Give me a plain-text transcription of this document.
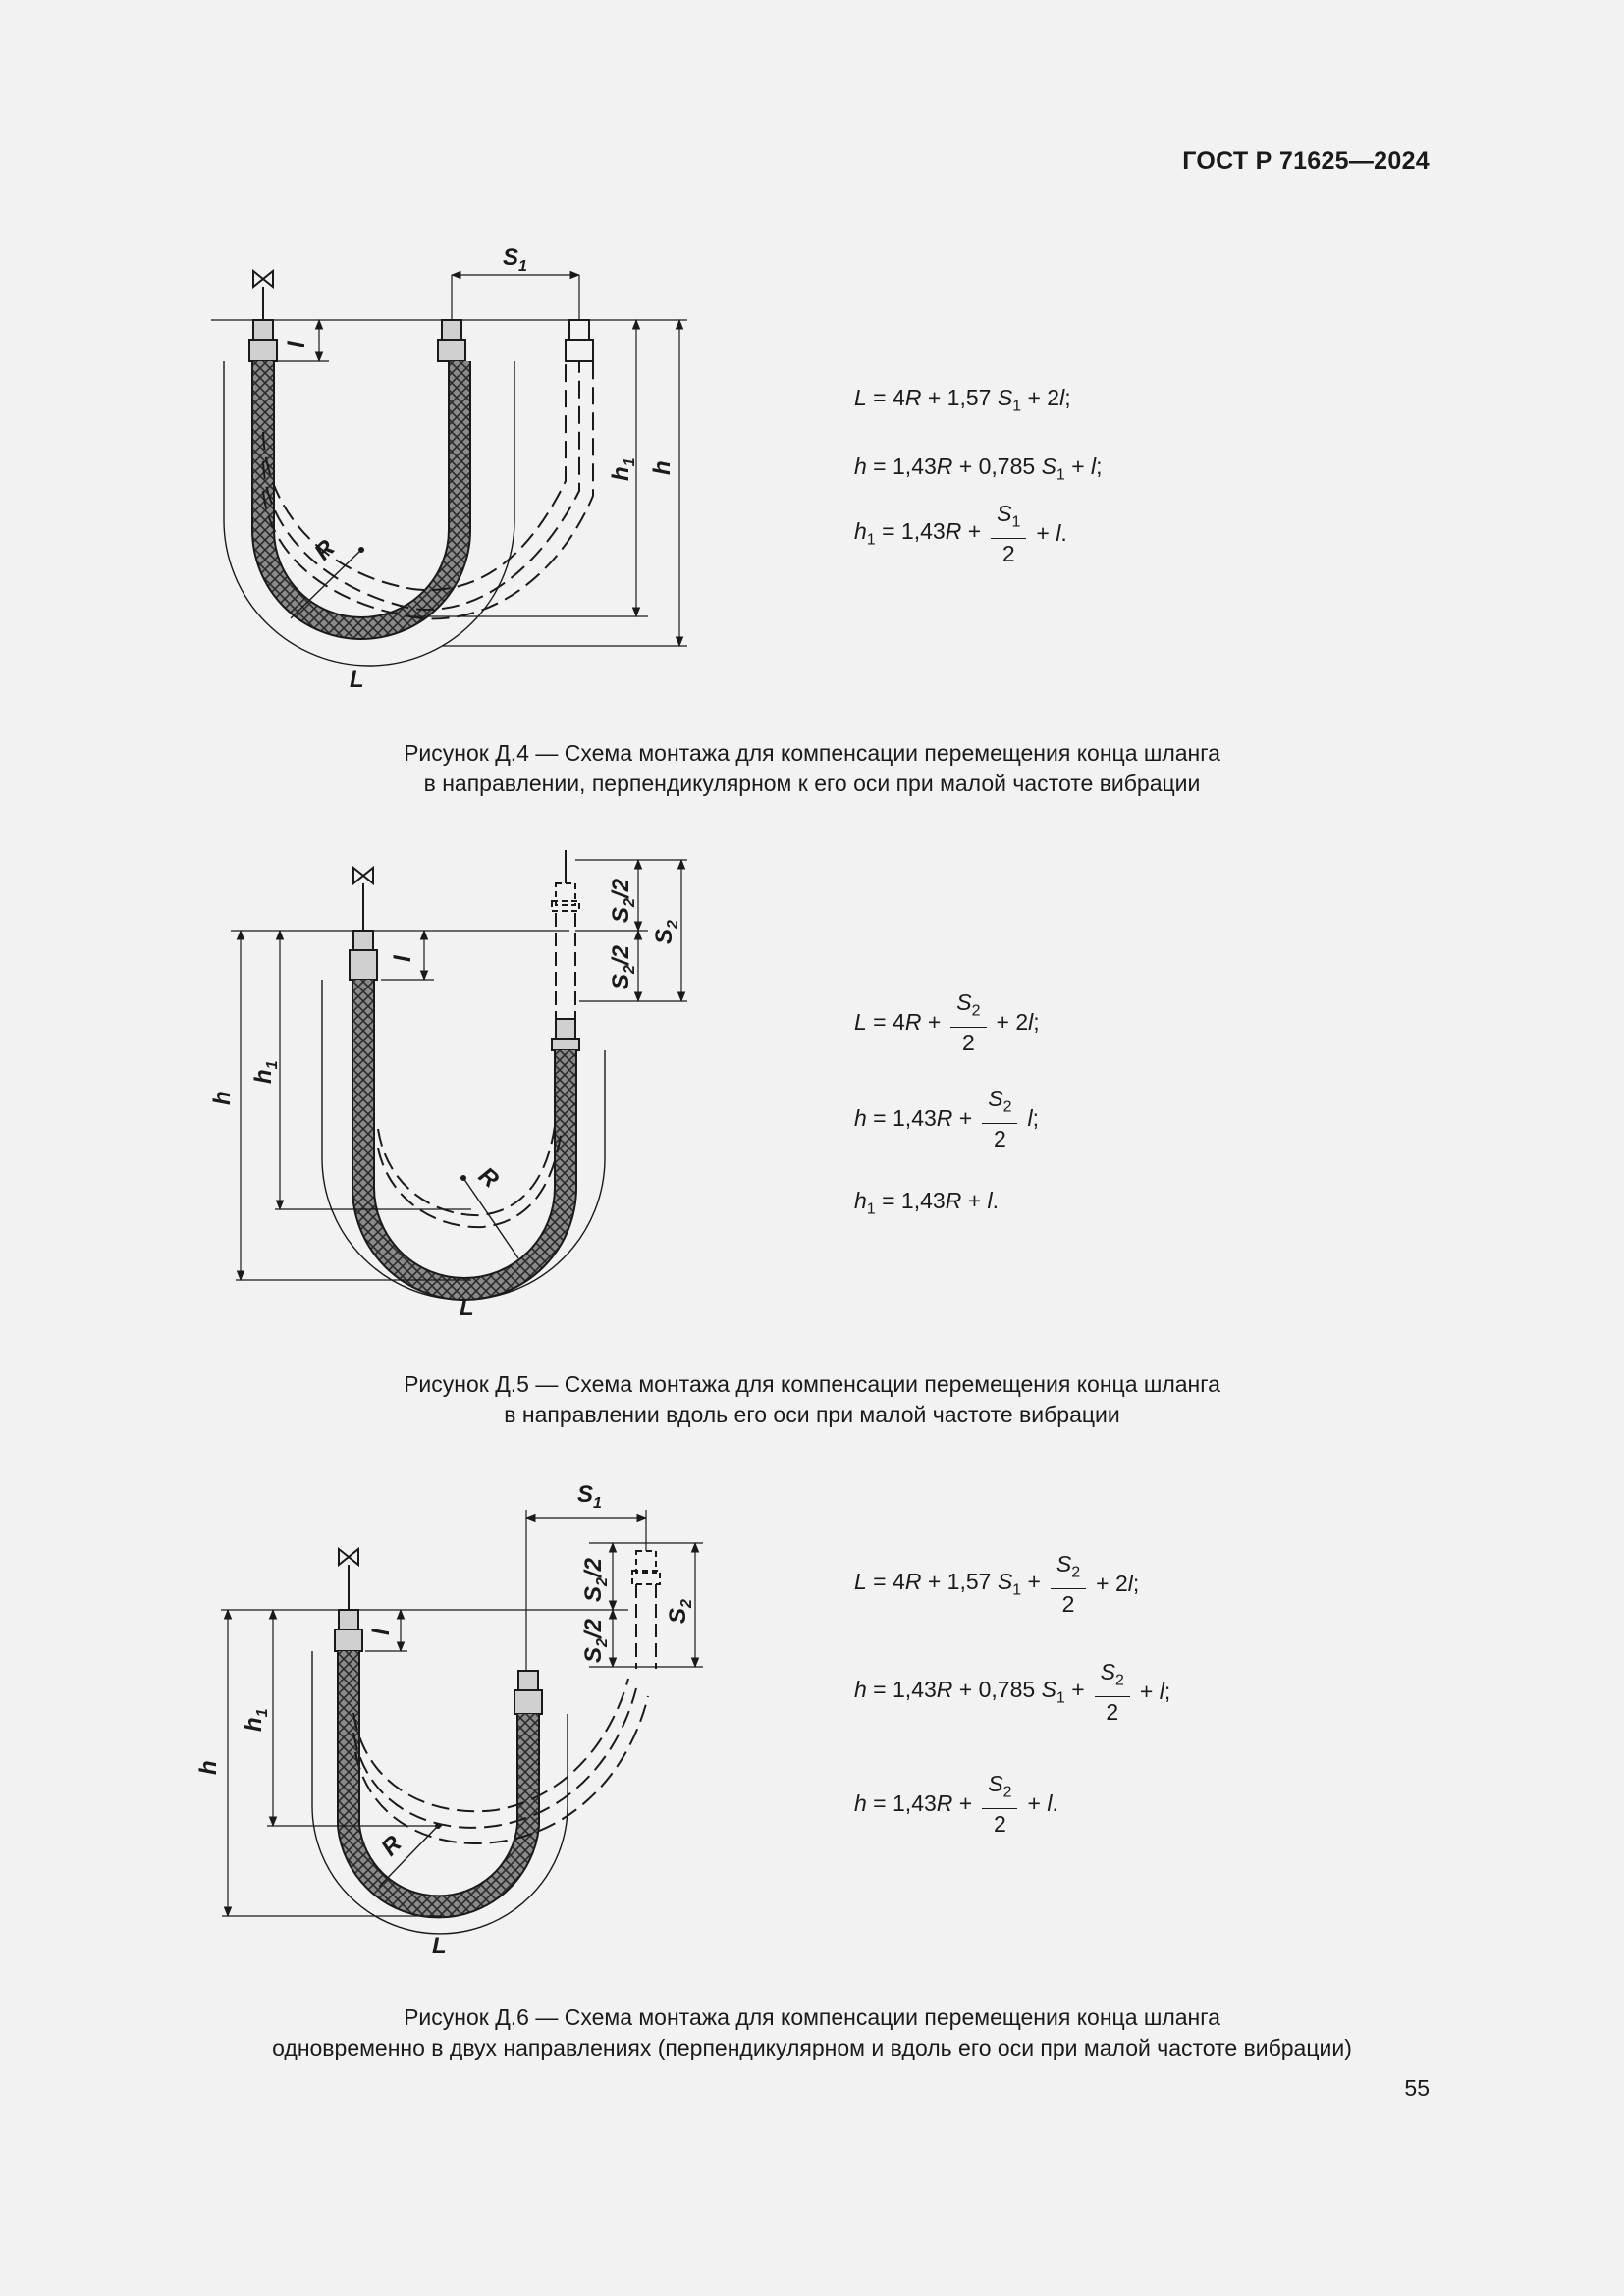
ГОСТ Р 71625—2024
l
$S_1$
$h_1$ h
R
L
L = 4R + 1,57 $S_1 + 2l$;
h = 1,43R + 0,785 $S_1 + l$;
$h_1 = 1,43R + \frac{S_1}{2} + l$.
Рисунок Д.4 — Схема монтажа для компенсации перемещения конца шланга
в направлении, перпендикулярном к его оси при малой частоте вибрации
l
$S_2/2$
$S_2/2$
$S_2$
$h_1$
h
R
L
$L = 4R + \frac{S_2}{2} + 2l$;
$h = 1,43R + \frac{S_2}{2} l$;
$h_1 = 1,43R + l$.
Рисунок Д.5 — Схема монтажа для компенсации перемещения конца шланга
в направлении вдоль его оси при малой частоте вибрации
l
$S_1$
$S_2/2$
$S_2/2$
$S_2$
$h_1$
h
R
L
L = 4R + 1,57 $S_1 + \frac{S_2}{2} + 2l$;
h = 1,43R + 0,785 $S_1 + \frac{S_2}{2} + l$;
$h = 1,43R + \frac{S_2}{2} + l$.
Рисунок Д.6 — Схема монтажа для компенсации перемещения конца шланга
одновременно в двух направлениях (перпендикулярном и вдоль его оси при малой частоте вибрации)
55
